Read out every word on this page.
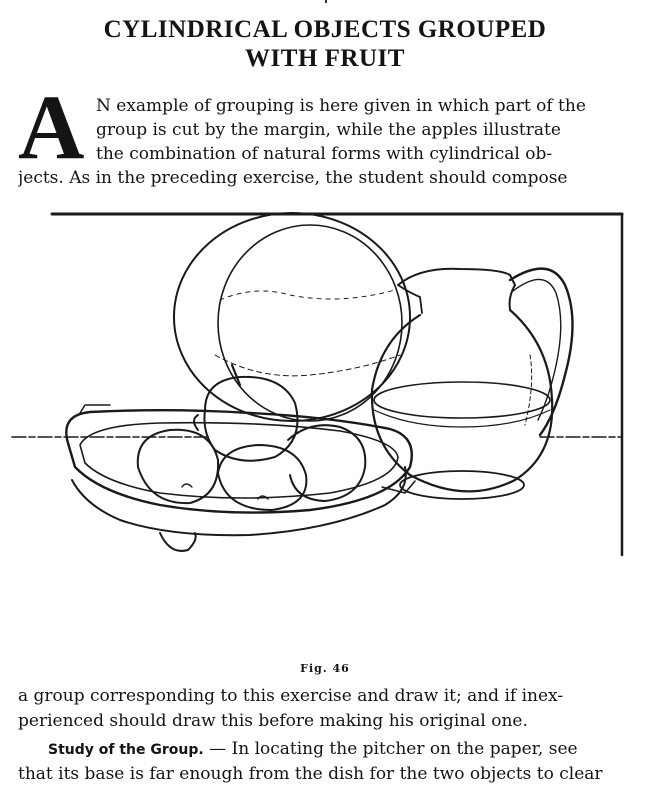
CYLINDRICAL OBJECTS GROUPED
WITH FRUIT
A N example of grouping is here given in which part of the

group is cut by the margin, while the apples illustrate

the combination of natural forms with cylindrical ob-

jects. As in the preceding exercise, the student should compose

Fig. 46

a group corresponding to this exercise and draw it; and if inex-

perienced should draw this before making his original one.

Study of the Group. — In locating the pitcher on the paper, see

that its base is far enough from the dish for the two objects to clear
